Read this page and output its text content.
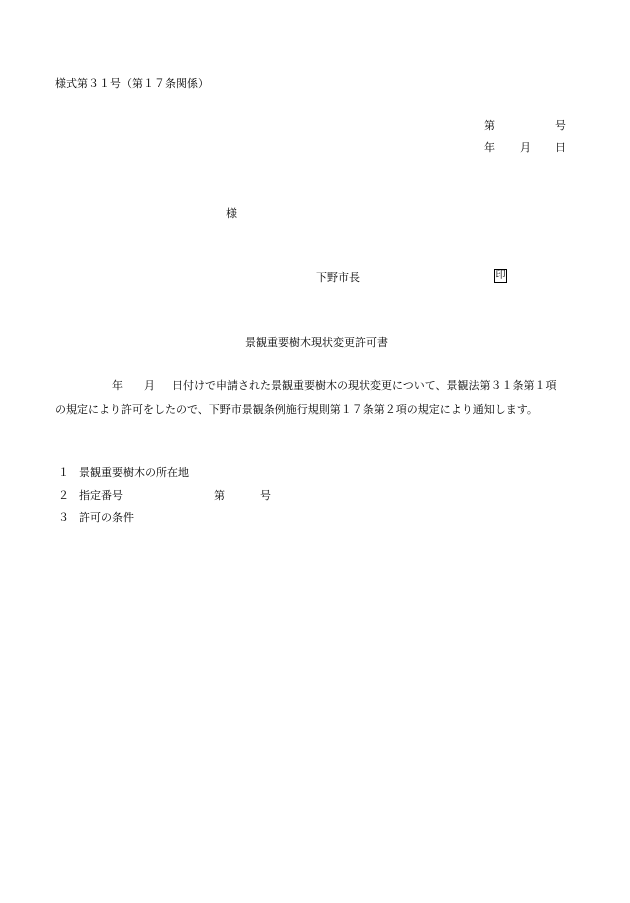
様式第３１号（第１７条関係）
第	号
年 月 日
様
下野市長	印
景観重要樹木現状変更許可書
年 月 日付けで申請された景観重要樹木の現状変更について、景観法第３１条第１項
の規定により許可をしたので、下野市景観条例施行規則第１７条第２項の規定により通知します。
１ 景観重要樹木の所在地
２ 指定番号	第	号
３ 許可の条件
